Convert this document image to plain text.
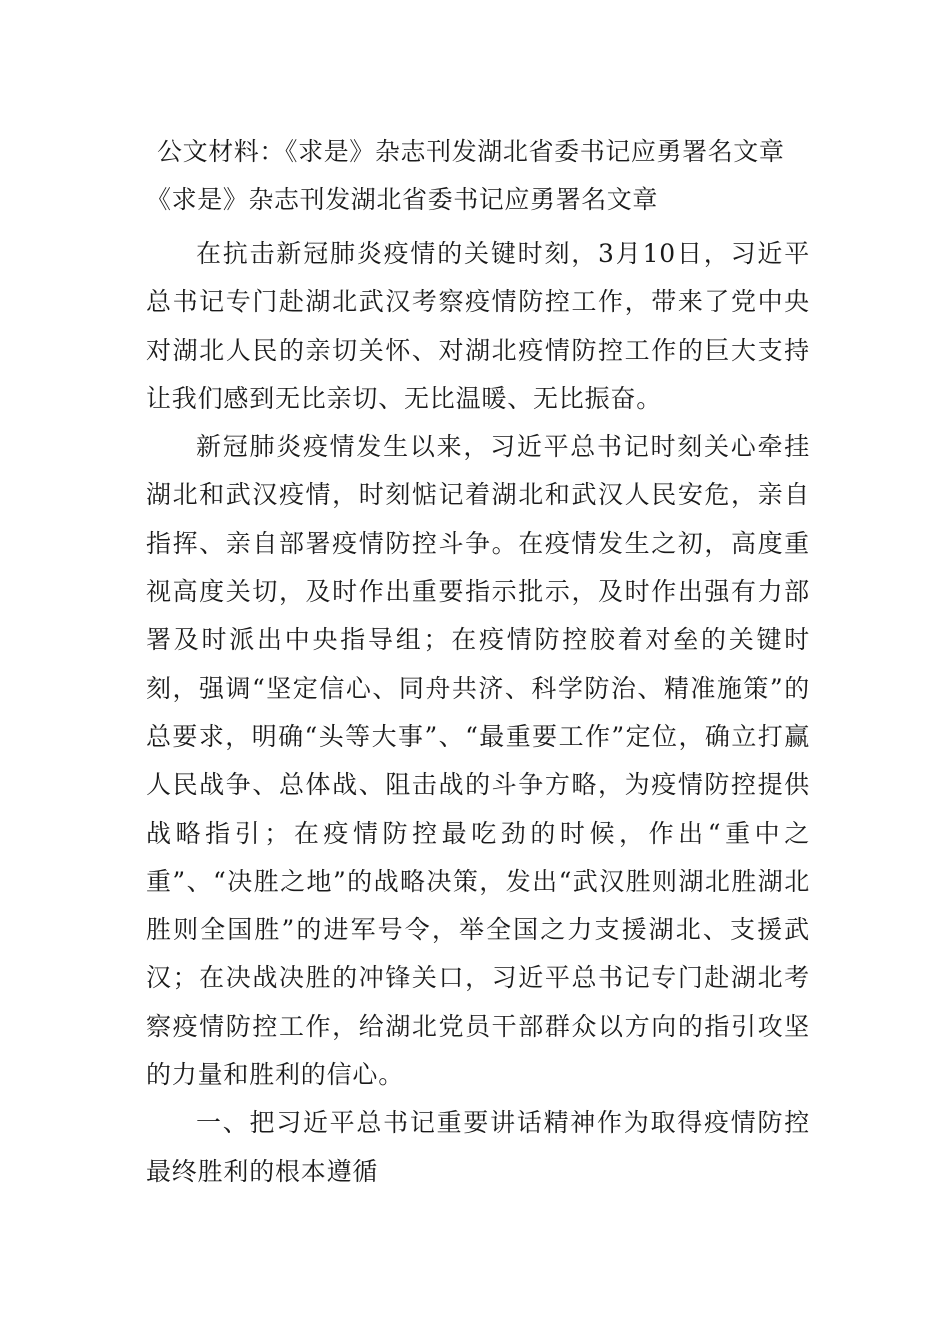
公文材料：《求是》杂志刊发湖北省委书记应勇署名文章
《求是》杂志刊发湖北省委书记应勇署名文章

在抗击新冠肺炎疫情的关键时刻，3月10日，习近平总书记专门赴湖北武汉考察疫情防控工作，带来了党中央对湖北人民的亲切关怀、对湖北疫情防控工作的巨大支持让我们感到无比亲切、无比温暖、无比振奋。

新冠肺炎疫情发生以来，习近平总书记时刻关心牵挂湖北和武汉疫情，时刻惦记着湖北和武汉人民安危，亲自指挥、亲自部署疫情防控斗争。在疫情发生之初，高度重视高度关切，及时作出重要指示批示，及时作出强有力部署及时派出中央指导组；在疫情防控胶着对垒的关键时刻，强调“坚定信心、同舟共济、科学防治、精准施策”的总要求，明确“头等大事”、“最重要工作”定位，确立打赢人民战争、总体战、阻击战的斗争方略，为疫情防控提供战略指引；在疫情防控最吃劲的时候，作出“重中之重”、“决胜之地”的战略决策，发出“武汉胜则湖北胜湖北胜则全国胜”的进军号令，举全国之力支援湖北、支援武汉；在决战决胜的冲锋关口，习近平总书记专门赴湖北考察疫情防控工作，给湖北党员干部群众以方向的指引攻坚的力量和胜利的信心。

一、把习近平总书记重要讲话精神作为取得疫情防控最终胜利的根本遵循
